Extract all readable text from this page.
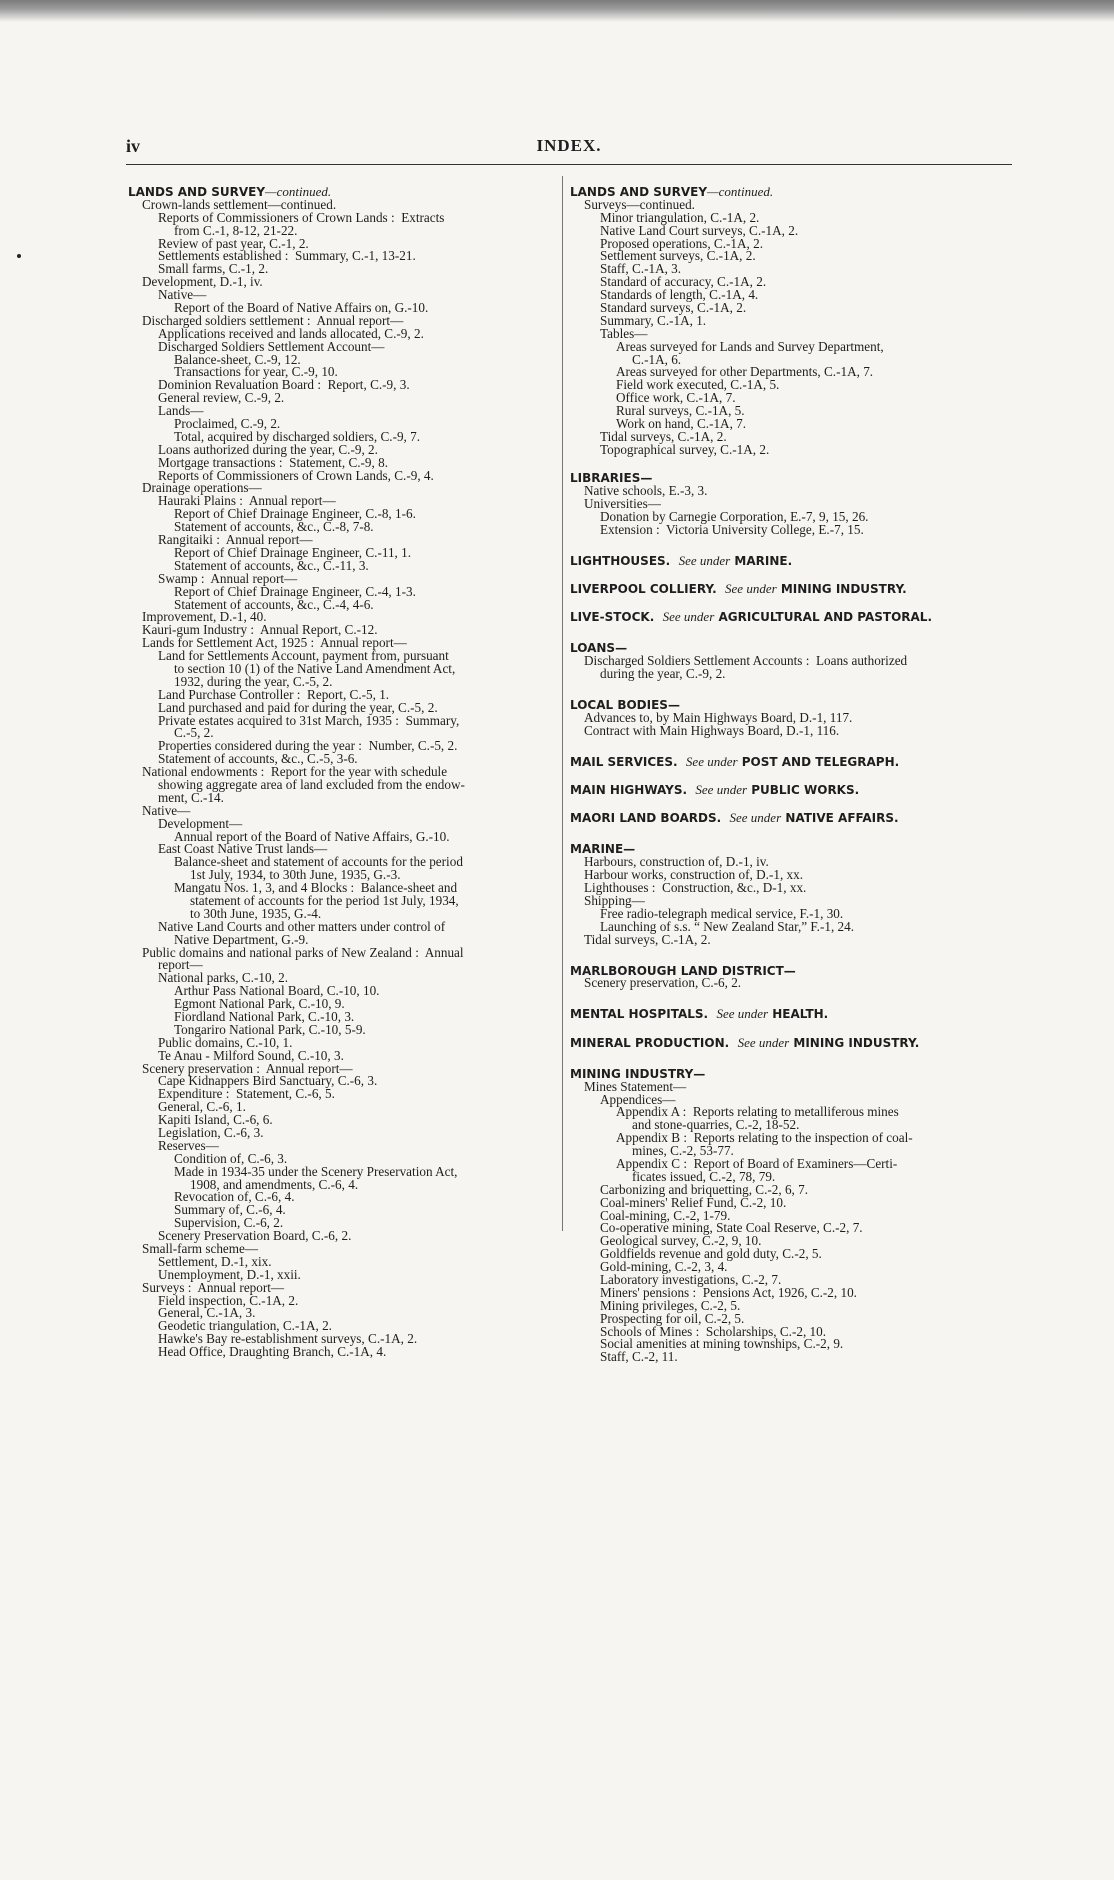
iv	INDEX.
LANDS AND SURVEY—continued.
Crown-lands settlement—continued.
Reports of Commissioners of Crown Lands :  Extracts
from C.-1, 8-12, 21-22.
Review of past year, C.-1, 2.
Settlements established :  Summary, C.-1, 13-21.
Small farms, C.-1, 2.
Development, D.-1, iv.
Native—
Report of the Board of Native Affairs on, G.-10.
Discharged soldiers settlement :  Annual report—
Applications received and lands allocated, C.-9, 2.
Discharged Soldiers Settlement Account—
Balance-sheet, C.-9, 12.
Transactions for year, C.-9, 10.
Dominion Revaluation Board :  Report, C.-9, 3.
General review, C.-9, 2.
Lands—
Proclaimed, C.-9, 2.
Total, acquired by discharged soldiers, C.-9, 7.
Loans authorized during the year, C.-9, 2.
Mortgage transactions :  Statement, C.-9, 8.
Reports of Commissioners of Crown Lands, C.-9, 4.
Drainage operations—
Hauraki Plains :  Annual report—
Report of Chief Drainage Engineer, C.-8, 1-6.
Statement of accounts, &c., C.-8, 7-8.
Rangitaiki :  Annual report—
Report of Chief Drainage Engineer, C.-11, 1.
Statement of accounts, &c., C.-11, 3.
Swamp :  Annual report—
Report of Chief Drainage Engineer, C.-4, 1-3.
Statement of accounts, &c., C.-4, 4-6.
Improvement, D.-1, 40.
Kauri-gum Industry :  Annual Report, C.-12.
Lands for Settlement Act, 1925 :  Annual report—
Land for Settlements Account, payment from, pursuant
to section 10 (1) of the Native Land Amendment Act,
1932, during the year, C.-5, 2.
Land Purchase Controller :  Report, C.-5, 1.
Land purchased and paid for during the year, C.-5, 2.
Private estates acquired to 31st March, 1935 :  Summary,
C.-5, 2.
Properties considered during the year :  Number, C.-5, 2.
Statement of accounts, &c., C.-5, 3-6.
National endowments :  Report for the year with schedule
showing aggregate area of land excluded from the endow-
ment, C.-14.
Native—
Development—
Annual report of the Board of Native Affairs, G.-10.
East Coast Native Trust lands—
Balance-sheet and statement of accounts for the period
1st July, 1934, to 30th June, 1935, G.-3.
Mangatu Nos. 1, 3, and 4 Blocks :  Balance-sheet and
statement of accounts for the period 1st July, 1934,
to 30th June, 1935, G.-4.
Native Land Courts and other matters under control of
Native Department, G.-9.
Public domains and national parks of New Zealand :  Annual
report—
National parks, C.-10, 2.
Arthur Pass National Board, C.-10, 10.
Egmont National Park, C.-10, 9.
Fiordland National Park, C.-10, 3.
Tongariro National Park, C.-10, 5-9.
Public domains, C.-10, 1.
Te Anau - Milford Sound, C.-10, 3.
Scenery preservation :  Annual report—
Cape Kidnappers Bird Sanctuary, C.-6, 3.
Expenditure :  Statement, C.-6, 5.
General, C.-6, 1.
Kapiti Island, C.-6, 6.
Legislation, C.-6, 3.
Reserves—
Condition of, C.-6, 3.
Made in 1934-35 under the Scenery Preservation Act,
1908, and amendments, C.-6, 4.
Revocation of, C.-6, 4.
Summary of, C.-6, 4.
Supervision, C.-6, 2.
Scenery Preservation Board, C.-6, 2.
Small-farm scheme—
Settlement, D.-1, xix.
Unemployment, D.-1, xxii.
Surveys :  Annual report—
Field inspection, C.-1A, 2.
General, C.-1A, 3.
Geodetic triangulation, C.-1A, 2.
Hawke's Bay re-establishment surveys, C.-1A, 2.
Head Office, Draughting Branch, C.-1A, 4.
LANDS AND SURVEY—continued.
Surveys—continued.
Minor triangulation, C.-1A, 2.
Native Land Court surveys, C.-1A, 2.
Proposed operations, C.-1A, 2.
Settlement surveys, C.-1A, 2.
Staff, C.-1A, 3.
Standard of accuracy, C.-1A, 2.
Standards of length, C.-1A, 4.
Standard surveys, C.-1A, 2.
Summary, C.-1A, 1.
Tables—
Areas surveyed for Lands and Survey Department,
C.-1A, 6.
Areas surveyed for other Departments, C.-1A, 7.
Field work executed, C.-1A, 5.
Office work, C.-1A, 7.
Rural surveys, C.-1A, 5.
Work on hand, C.-1A, 7.
Tidal surveys, C.-1A, 2.
Topographical survey, C.-1A, 2.
LIBRARIES—
Native schools, E.-3, 3.
Universities—
Donation by Carnegie Corporation, E.-7, 9, 15, 26.
Extension :  Victoria University College, E.-7, 15.
LIGHTHOUSES. See under MARINE.
LIVERPOOL COLLIERY. See under MINING INDUSTRY.
LIVE-STOCK. See under AGRICULTURAL AND PASTORAL.
LOANS—
Discharged Soldiers Settlement Accounts :  Loans authorized
during the year, C.-9, 2.
LOCAL BODIES—
Advances to, by Main Highways Board, D.-1, 117.
Contract with Main Highways Board, D.-1, 116.
MAIL SERVICES. See under POST AND TELEGRAPH.
MAIN HIGHWAYS. See under PUBLIC WORKS.
MAORI LAND BOARDS. See under NATIVE AFFAIRS.
MARINE—
Harbours, construction of, D.-1, iv.
Harbour works, construction of, D.-1, xx.
Lighthouses :  Construction, &c., D-1, xx.
Shipping—
Free radio-telegraph medical service, F.-1, 30.
Launching of s.s. “ New Zealand Star,” F.-1, 24.
Tidal surveys, C.-1A, 2.
MARLBOROUGH LAND DISTRICT—
Scenery preservation, C.-6, 2.
MENTAL HOSPITALS. See under HEALTH.
MINERAL PRODUCTION. See under MINING INDUSTRY.
MINING INDUSTRY—
Mines Statement—
Appendices—
Appendix A :  Reports relating to metalliferous mines
and stone-quarries, C.-2, 18-52.
Appendix B :  Reports relating to the inspection of coal-
mines, C.-2, 53-77.
Appendix C :  Report of Board of Examiners—Certi-
ficates issued, C.-2, 78, 79.
Carbonizing and briquetting, C.-2, 6, 7.
Coal-miners' Relief Fund, C.-2, 10.
Coal-mining, C.-2, 1-79.
Co-operative mining, State Coal Reserve, C.-2, 7.
Geological survey, C.-2, 9, 10.
Goldfields revenue and gold duty, C.-2, 5.
Gold-mining, C.-2, 3, 4.
Laboratory investigations, C.-2, 7.
Miners' pensions :  Pensions Act, 1926, C.-2, 10.
Mining privileges, C.-2, 5.
Prospecting for oil, C.-2, 5.
Schools of Mines :  Scholarships, C.-2, 10.
Social amenities at mining townships, C.-2, 9.
Staff, C.-2, 11.
